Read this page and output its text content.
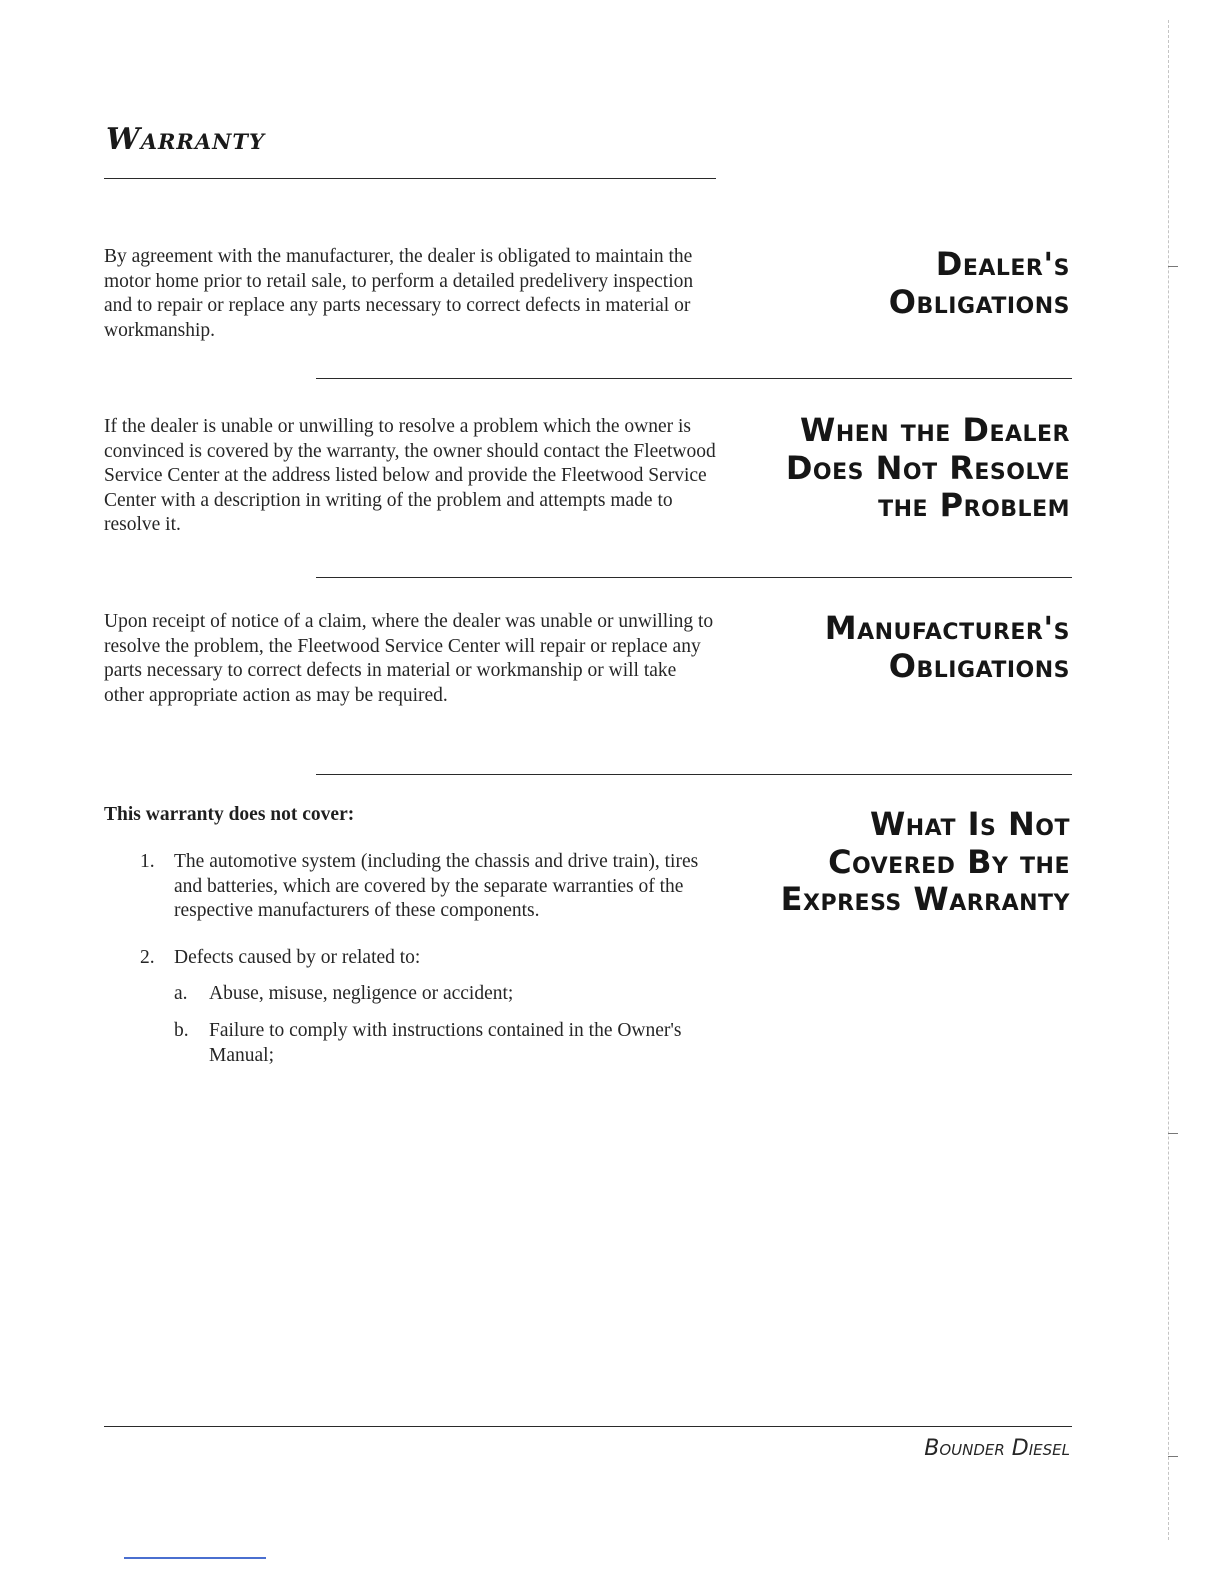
Warranty

By agreement with the manufacturer, the dealer is obligated to maintain the motor home prior to retail sale, to perform a detailed predelivery inspection and to repair or replace any parts necessary to correct defects in material or workmanship.

Dealer's
Obligations

If the dealer is unable or unwilling to resolve a problem which the owner is convinced is covered by the warranty, the owner should contact the Fleetwood Service Center at the address listed below and provide the Fleetwood Service Center with a description in writing of the problem and attempts made to resolve it.

When the Dealer
Does Not Resolve
the Problem

Upon receipt of notice of a claim, where the dealer was unable or unwilling to resolve the problem, the Fleetwood Service Center will repair or replace any parts necessary to correct defects in material or workmanship or will take other appropriate action as may be required.

Manufacturer's
Obligations

This warranty does not cover:	What Is Not
Covered By the
Express Warranty
1. The automotive system (including the chassis and drive train), tires and batteries, which are covered by the separate warranties of the respective manufacturers of these components.
2. Defects caused by or related to:
a. Abuse, misuse, negligence or accident;
b. Failure to comply with instructions contained in the Owner's Manual;

Bounder Diesel
